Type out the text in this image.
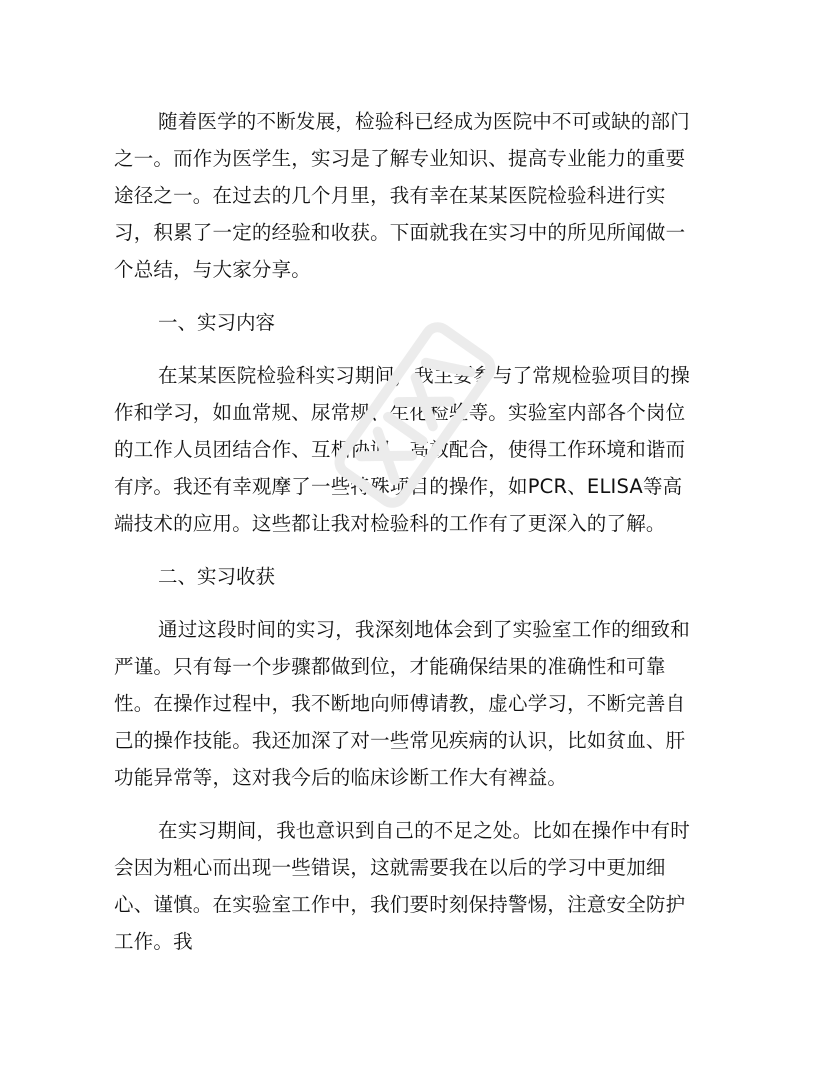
随着医学的不断发展，检验科已经成为医院中不可或缺的部门之一。而作为医学生，实习是了解专业知识、提高专业能力的重要途径之一。在过去的几个月里，我有幸在某某医院检验科进行实习，积累了一定的经验和收获。下面就我在实习中的所见所闻做一个总结，与大家分享。

一、实习内容

在某某医院检验科实习期间，我主要参与了常规检验项目的操作和学习，如血常规、尿常规、生化检验等。实验室内部各个岗位的工作人员团结合作、互相协调、高效配合，使得工作环境和谐而有序。我还有幸观摩了一些特殊项目的操作，如PCR、ELISA等高端技术的应用。这些都让我对检验科的工作有了更深入的了解。

二、实习收获

通过这段时间的实习，我深刻地体会到了实验室工作的细致和严谨。只有每一个步骤都做到位，才能确保结果的准确性和可靠性。在操作过程中，我不断地向师傅请教，虚心学习，不断完善自己的操作技能。我还加深了对一些常见疾病的认识，比如贫血、肝功能异常等，这对我今后的临床诊断工作大有裨益。

在实习期间，我也意识到自己的不足之处。比如在操作中有时会因为粗心而出现一些错误，这就需要我在以后的学习中更加细心、谨慎。在实验室工作中，我们要时刻保持警惕，注意安全防护工作。我
